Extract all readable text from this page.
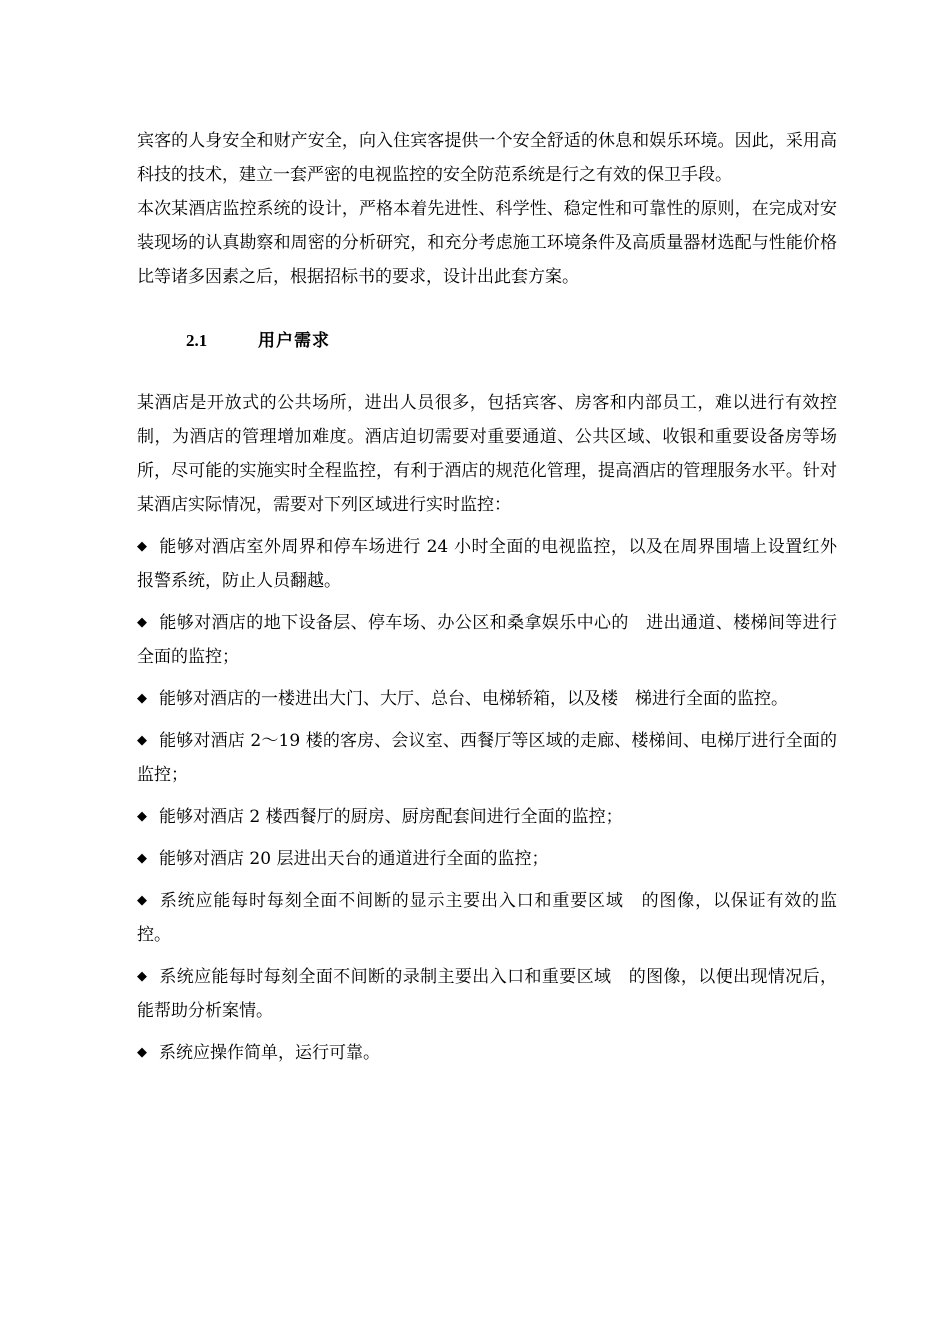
宾客的人身安全和财产安全，向入住宾客提供一个安全舒适的休息和娱乐环境。因此，采用高科技的技术，建立一套严密的电视监控的安全防范系统是行之有效的保卫手段。

本次某酒店监控系统的设计，严格本着先进性、科学性、稳定性和可靠性的原则，在完成对安装现场的认真勘察和周密的分析研究，和充分考虑施工环境条件及高质量器材选配与性能价格比等诸多因素之后，根据招标书的要求，设计出此套方案。

2.1	用户需求

某酒店是开放式的公共场所，进出人员很多，包括宾客、房客和内部员工，难以进行有效控制，为酒店的管理增加难度。酒店迫切需要对重要通道、公共区域、收银和重要设备房等场所，尽可能的实施实时全程监控，有利于酒店的规范化管理，提高酒店的管理服务水平。针对某酒店实际情况，需要对下列区域进行实时监控：

◆ 能够对酒店室外周界和停车场进行 24 小时全面的电视监控，以及在周界围墙上设置红外报警系统，防止人员翻越。
◆ 能够对酒店的地下设备层、停车场、办公区和桑拿娱乐中心的　进出通道、楼梯间等进行全面的监控；
◆ 能够对酒店的一楼进出大门、大厅、总台、电梯轿箱，以及楼　梯进行全面的监控。
◆ 能够对酒店 2～19 楼的客房、会议室、西餐厅等区域的走廊、楼梯间、电梯厅进行全面的监控；
◆ 能够对酒店 2 楼西餐厅的厨房、厨房配套间进行全面的监控；
◆ 能够对酒店 20 层进出天台的通道进行全面的监控；
◆ 系统应能每时每刻全面不间断的显示主要出入口和重要区域　的图像，以保证有效的监控。
◆ 系统应能每时每刻全面不间断的录制主要出入口和重要区域　的图像，以便出现情况后，能帮助分析案情。
◆ 系统应操作简单，运行可靠。
